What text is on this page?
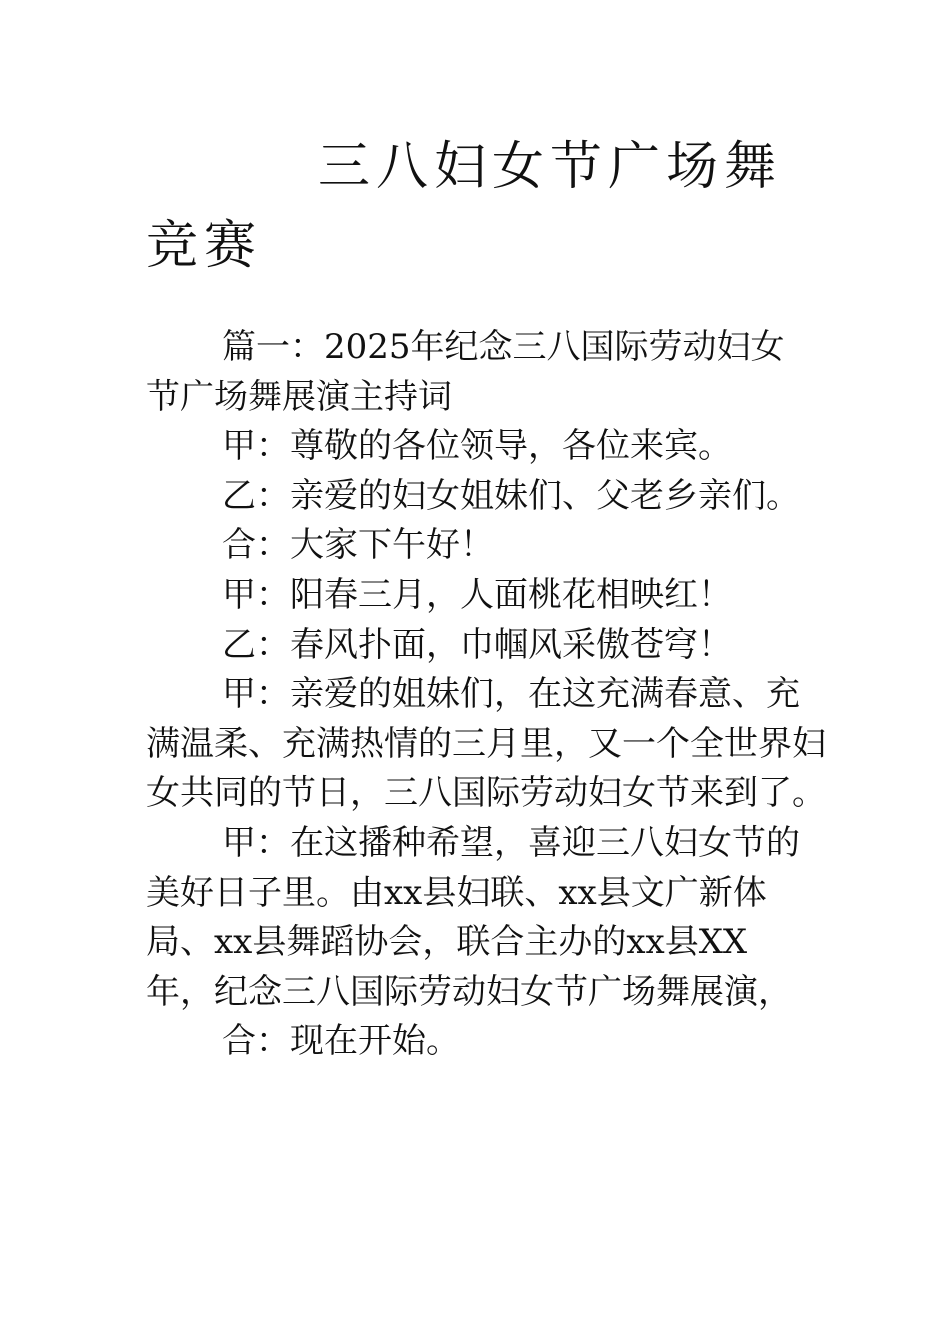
三八妇女节广场舞竞赛

篇一：2025年纪念三八国际劳动妇女节广场舞展演主持词

甲：尊敬的各位领导，各位来宾。

乙：亲爱的妇女姐妹们、父老乡亲们。

合：大家下午好！

甲：阳春三月，人面桃花相映红！

乙：春风扑面，巾帼风采傲苍穹！

甲：亲爱的姐妹们，在这充满春意、充满温柔、充满热情的三月里，又一个全世界妇女共同的节日，三八国际劳动妇女节来到了。

甲：在这播种希望，喜迎三八妇女节的美好日子里。由xx县妇联、xx县文广新体局、xx县舞蹈协会，联合主办的xx县XX年，纪念三八国际劳动妇女节广场舞展演，

合：现在开始。
